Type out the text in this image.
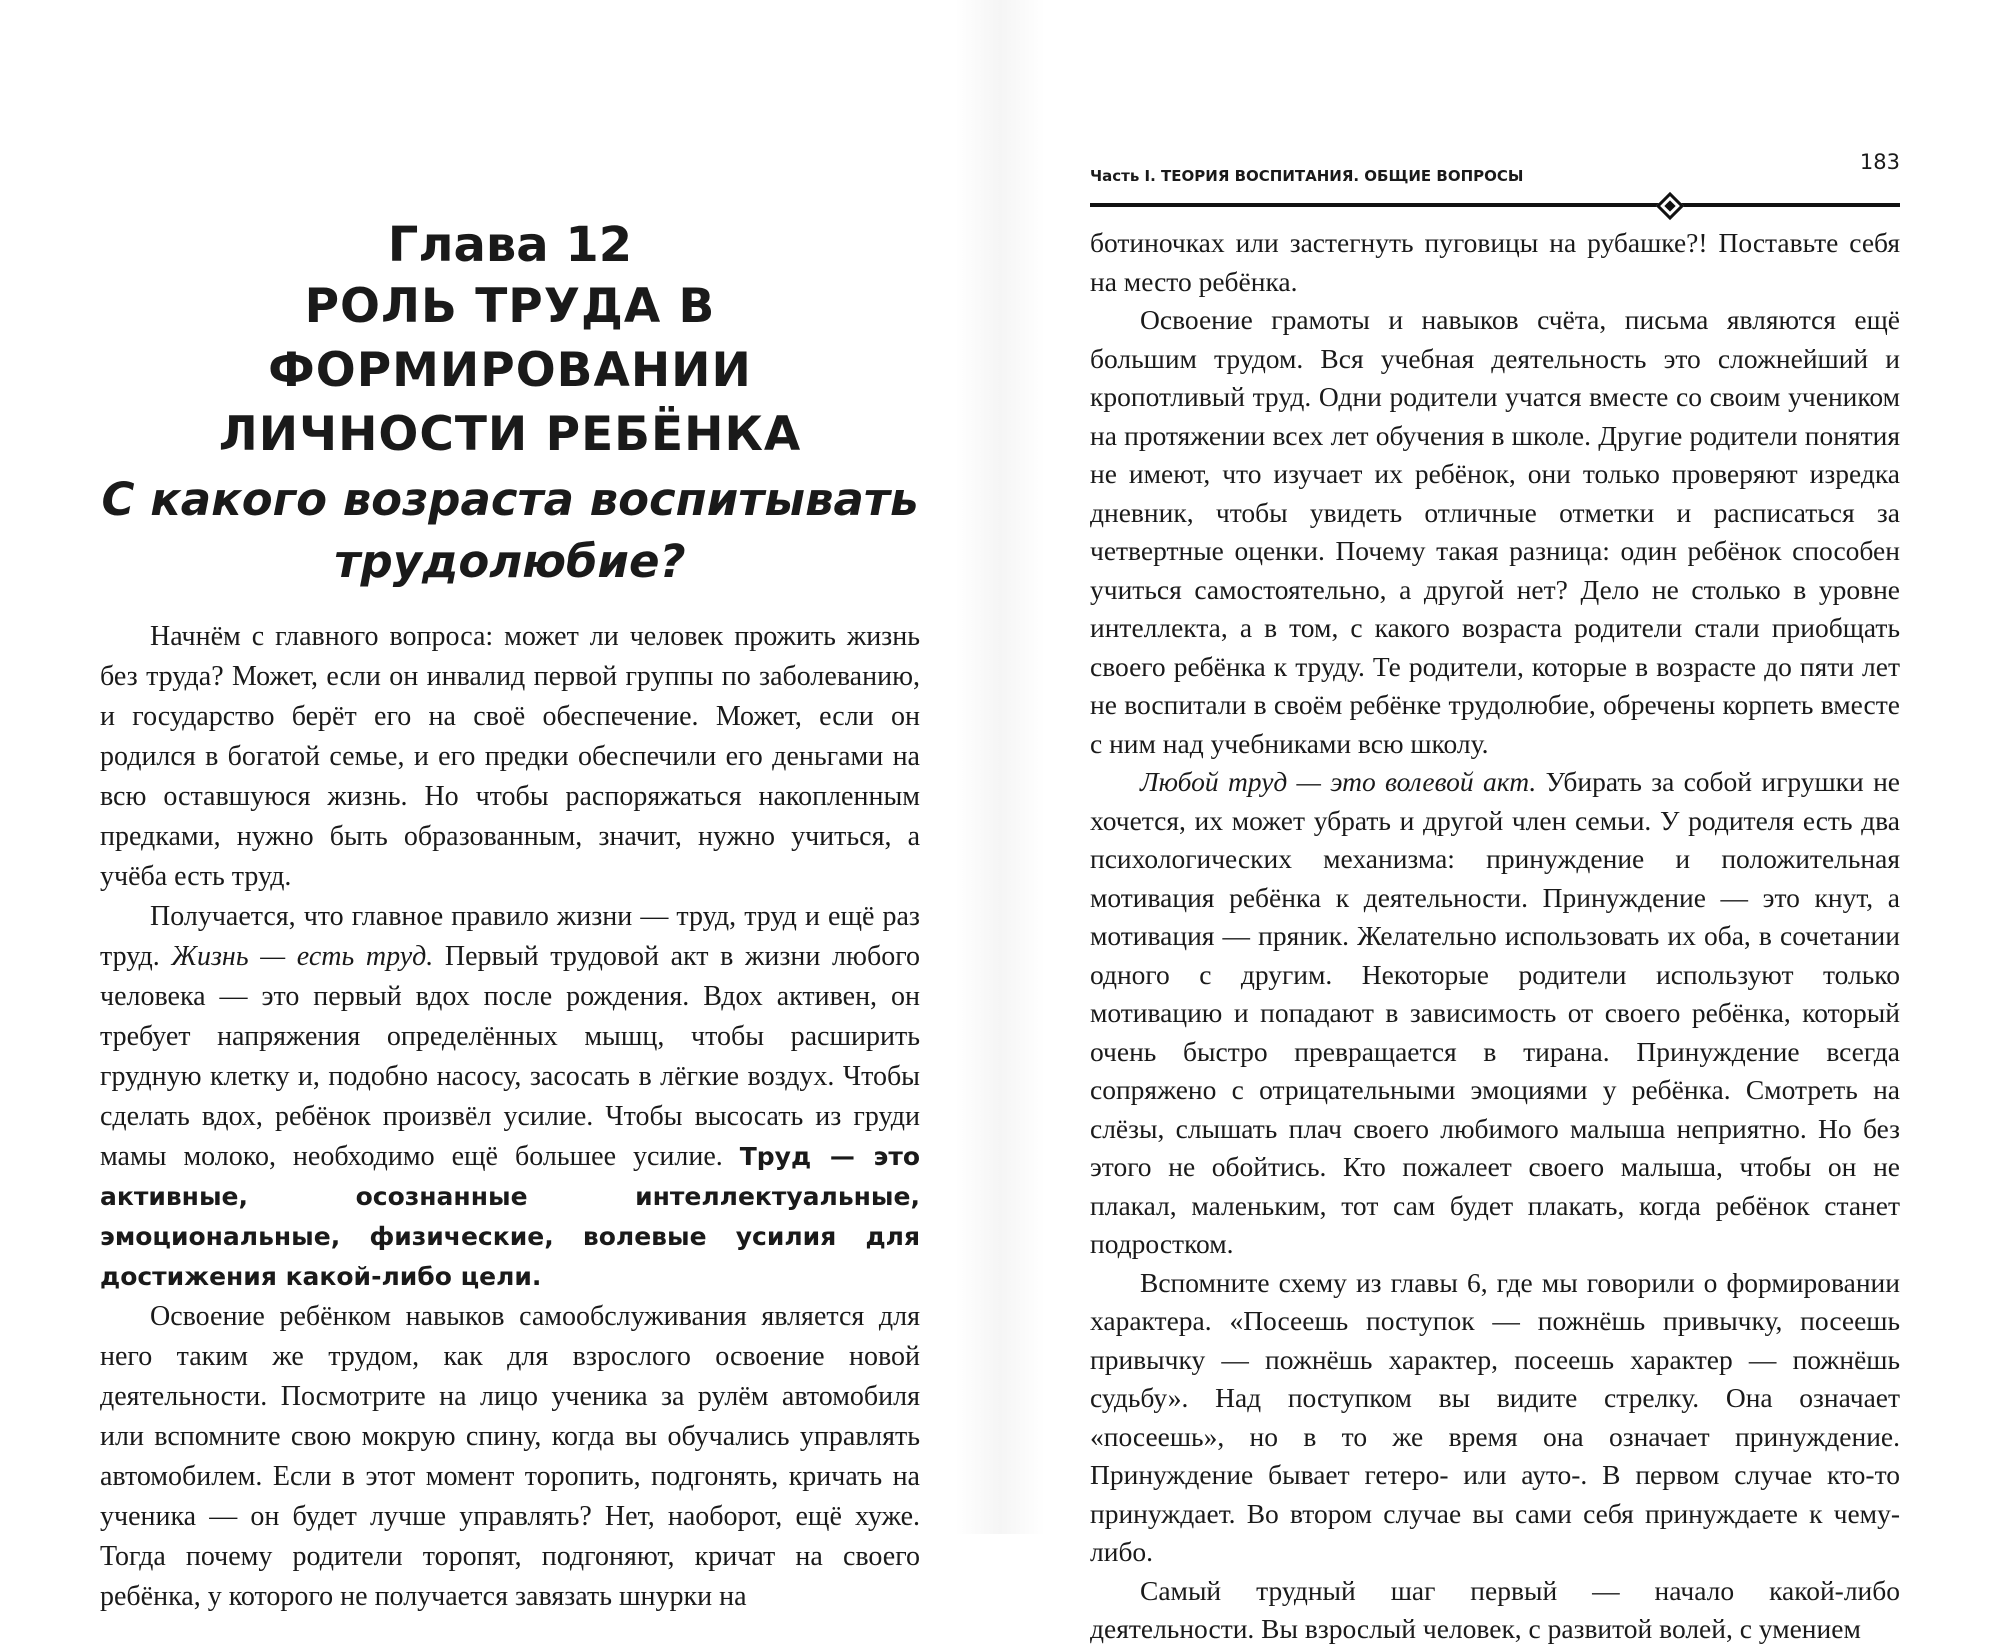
Глава 12
РОЛЬ ТРУДА В ФОРМИРОВАНИИ
ЛИЧНОСТИ РЕБЁНКА
С какого возраста воспитывать
трудолюбие?

Начнём с главного вопроса: может ли человек прожить жизнь без труда? Может, если он инвалид первой группы по заболеванию, и государство берёт его на своё обеспечение. Может, если он родился в богатой семье, и его предки обеспечили его деньгами на всю оставшуюся жизнь. Но чтобы распоряжаться накопленным предками, нужно быть образованным, значит, нужно учиться, а учёба есть труд.

Получается, что главное правило жизни — труд, труд и ещё раз труд. Жизнь — есть труд. Первый трудовой акт в жизни любого человека — это первый вдох после рождения. Вдох активен, он требует напряжения определённых мышц, чтобы расширить грудную клетку и, подобно насосу, засосать в лёгкие воздух. Чтобы сделать вдох, ребёнок произвёл усилие. Чтобы высосать из груди мамы молоко, необходимо ещё большее усилие. Труд — это активные, осознанные интеллектуальные, эмоциональные, физические, волевые усилия для достижения какой-либо цели.

Освоение ребёнком навыков самообслуживания является для него таким же трудом, как для взрослого освоение новой деятельности. Посмотрите на лицо ученика за рулём автомобиля или вспомните свою мокрую спину, когда вы обучались управлять автомобилем. Если в этот момент торопить, подгонять, кричать на ученика — он будет лучше управлять? Нет, наоборот, ещё хуже. Тогда почему родители торопят, подгоняют, кричат на своего ребёнка, у которого не получается завязать шнурки на

Часть I. ТЕОРИЯ ВОСПИТАНИЯ. ОБЩИЕ ВОПРОСЫ
183

ботиночках или застегнуть пуговицы на рубашке?! Поставьте себя на место ребёнка.

Освоение грамоты и навыков счёта, письма являются ещё большим трудом. Вся учебная деятельность это сложнейший и кропотливый труд. Одни родители учатся вместе со своим учеником на протяжении всех лет обучения в школе. Другие родители понятия не имеют, что изучает их ребёнок, они только проверяют изредка дневник, чтобы увидеть отличные отметки и расписаться за четвертные оценки. Почему такая разница: один ребёнок способен учиться самостоятельно, а другой нет? Дело не столько в уровне интеллекта, а в том, с какого возраста родители стали приобщать своего ребёнка к труду. Те родители, которые в возрасте до пяти лет не воспитали в своём ребёнке трудолюбие, обречены корпеть вместе с ним над учебниками всю школу.

Любой труд — это волевой акт. Убирать за собой игрушки не хочется, их может убрать и другой член семьи. У родителя есть два психологических механизма: принуждение и положительная мотивация ребёнка к деятельности. Принуждение — это кнут, а мотивация — пряник. Желательно использовать их оба, в сочетании одного с другим. Некоторые родители используют только мотивацию и попадают в зависимость от своего ребёнка, который очень быстро превращается в тирана. Принуждение всегда сопряжено с отрицательными эмоциями у ребёнка. Смотреть на слёзы, слышать плач своего любимого малыша неприятно. Но без этого не обойтись. Кто пожалеет своего малыша, чтобы он не плакал, маленьким, тот сам будет плакать, когда ребёнок станет подростком.

Вспомните схему из главы 6, где мы говорили о формировании характера. «Посеешь поступок — пожнёшь привычку, посеешь привычку — пожнёшь характер, посеешь характер — пожнёшь судьбу». Над поступком вы видите стрелку. Она означает «посеешь», но в то же время она означает принуждение. Принуждение бывает гетеро- или ауто-. В первом случае кто-то принуждает. Во втором случае вы сами себя принуждаете к чему-либо.

Самый трудный шаг первый — начало какой-либо деятельности. Вы взрослый человек, с развитой волей, с умением
